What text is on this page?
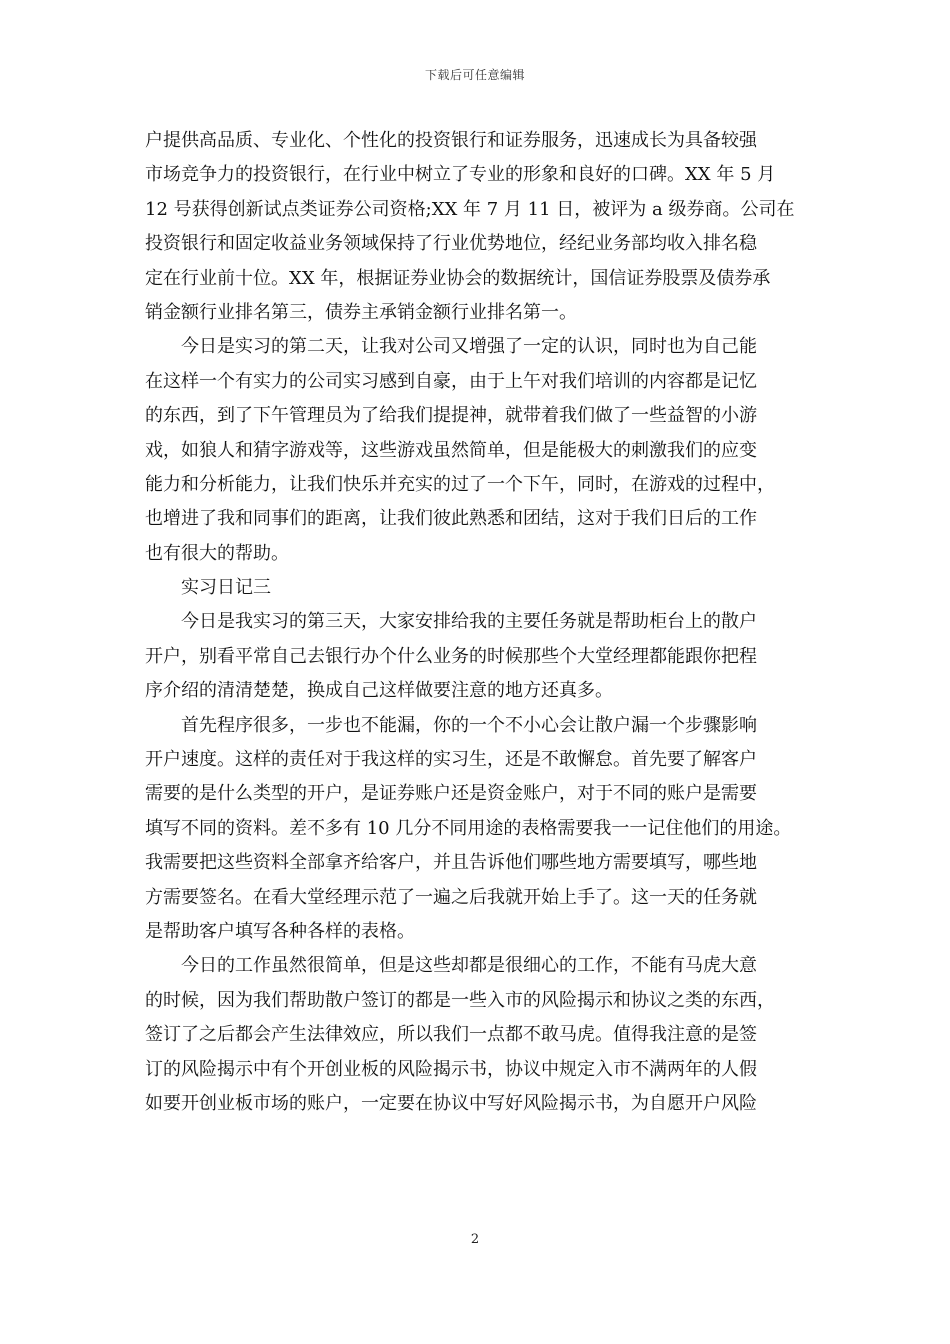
下载后可任意编辑
户提供高品质、专业化、个性化的投资银行和证券服务，迅速成长为具备较强
市场竞争力的投资银行，在行业中树立了专业的形象和良好的口碑。XX 年 5 月
12 号获得创新试点类证券公司资格;XX 年 7 月 11 日，被评为 a 级券商。公司在
投资银行和固定收益业务领域保持了行业优势地位，经纪业务部均收入排名稳
定在行业前十位。XX 年，根据证券业协会的数据统计，国信证券股票及债券承
销金额行业排名第三，债券主承销金额行业排名第一。
今日是实习的第二天，让我对公司又增强了一定的认识，同时也为自己能
在这样一个有实力的公司实习感到自豪，由于上午对我们培训的内容都是记忆
的东西，到了下午管理员为了给我们提提神，就带着我们做了一些益智的小游
戏，如狼人和猜字游戏等，这些游戏虽然简单，但是能极大的刺激我们的应变
能力和分析能力，让我们快乐并充实的过了一个下午，同时，在游戏的过程中，
也增进了我和同事们的距离，让我们彼此熟悉和团结，这对于我们日后的工作
也有很大的帮助。
实习日记三
今日是我实习的第三天，大家安排给我的主要任务就是帮助柜台上的散户
开户，别看平常自己去银行办个什么业务的时候那些个大堂经理都能跟你把程
序介绍的清清楚楚，换成自己这样做要注意的地方还真多。
首先程序很多，一步也不能漏，你的一个不小心会让散户漏一个步骤影响
开户速度。这样的责任对于我这样的实习生，还是不敢懈怠。首先要了解客户
需要的是什么类型的开户，是证券账户还是资金账户，对于不同的账户是需要
填写不同的资料。差不多有 10 几分不同用途的表格需要我一一记住他们的用途。
我需要把这些资料全部拿齐给客户，并且告诉他们哪些地方需要填写，哪些地
方需要签名。在看大堂经理示范了一遍之后我就开始上手了。这一天的任务就
是帮助客户填写各种各样的表格。
今日的工作虽然很简单，但是这些却都是很细心的工作，不能有马虎大意
的时候，因为我们帮助散户签订的都是一些入市的风险揭示和协议之类的东西，
签订了之后都会产生法律效应，所以我们一点都不敢马虎。值得我注意的是签
订的风险揭示中有个开创业板的风险揭示书，协议中规定入市不满两年的人假
如要开创业板市场的账户，一定要在协议中写好风险揭示书，为自愿开户风险
2
